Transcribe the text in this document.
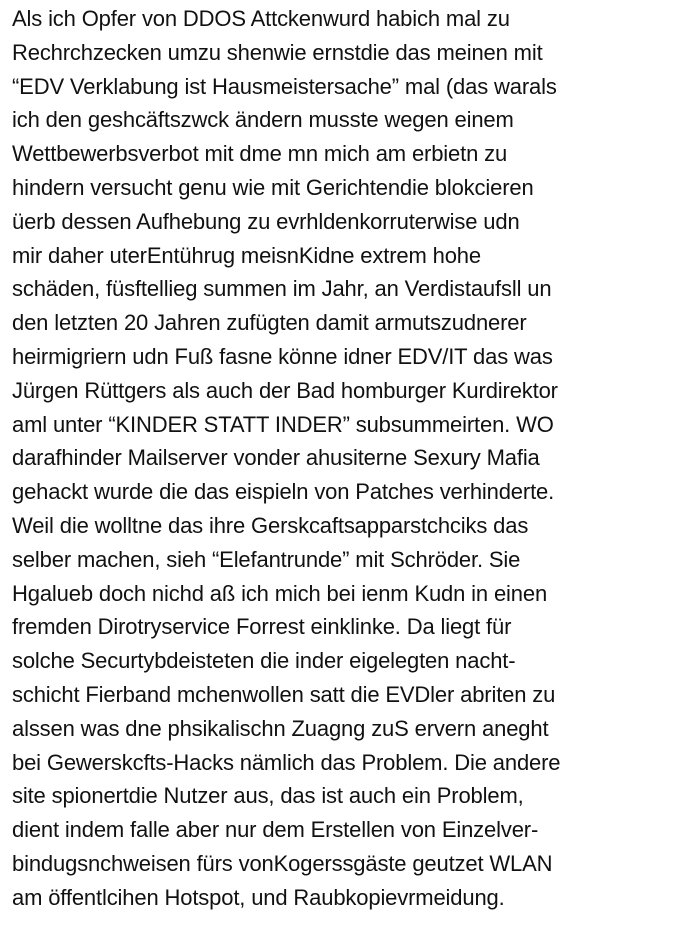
Als ich Opfer von DDOS Attckenwurd habich mal zu
Rechrchzecken umzu shenwie ernstdie das meinen mit
“EDV Verklabung ist Hausmeistersache” mal (das warals
ich den geshcäftszwck ändern musste wegen einem
Wettbewerbsverbot mit dme mn mich am erbietn zu
hindern versucht genu wie mit Gerichtendie blokcieren
üerb dessen Aufhebung zu evrhldenkorruterwise udn
mir daher uterEntührug meisnKidne extrem hohe
schäden, füsftellieg summen im Jahr, an Verdistaufsll un
den letzten 20 Jahren zufügten damit armutszudnerer
heirmigriern udn Fuß fasne könne idner EDV/IT das was
Jürgen Rüttgers als auch der Bad homburger Kurdirektor
aml unter “KINDER STATT INDER” subsummeirten. WO
darafhinder Mailserver vonder ahusiterne Sexury Mafia
gehackt wurde die das eispieln von Patches verhinderte.
Weil die wolltne das ihre Gerskcaftsapparstchciks das
selber machen, sieh “Elefantrunde” mit Schröder. Sie
Hgalueb doch nichd aß ich mich bei ienm Kudn in einen
fremden Dirotryservice Forrest einklinke. Da liegt für
solche Securtybdeisteten die inder eigelegten nacht-
schicht Fierband mchenwollen satt die EVDler abriten zu
alssen was dne phsikalischn Zuagng zuS ervern aneght
bei Gewerskcfts-Hacks nämlich das Problem. Die andere
site spionertdie Nutzer aus, das ist auch ein Problem,
dient indem falle aber nur dem Erstellen von Einzelver-
bindugsnchweisen fürs vonKogerssgäste geutzet WLAN
am öffentlcihen Hotspot, und Raubkopievrmeidung.
